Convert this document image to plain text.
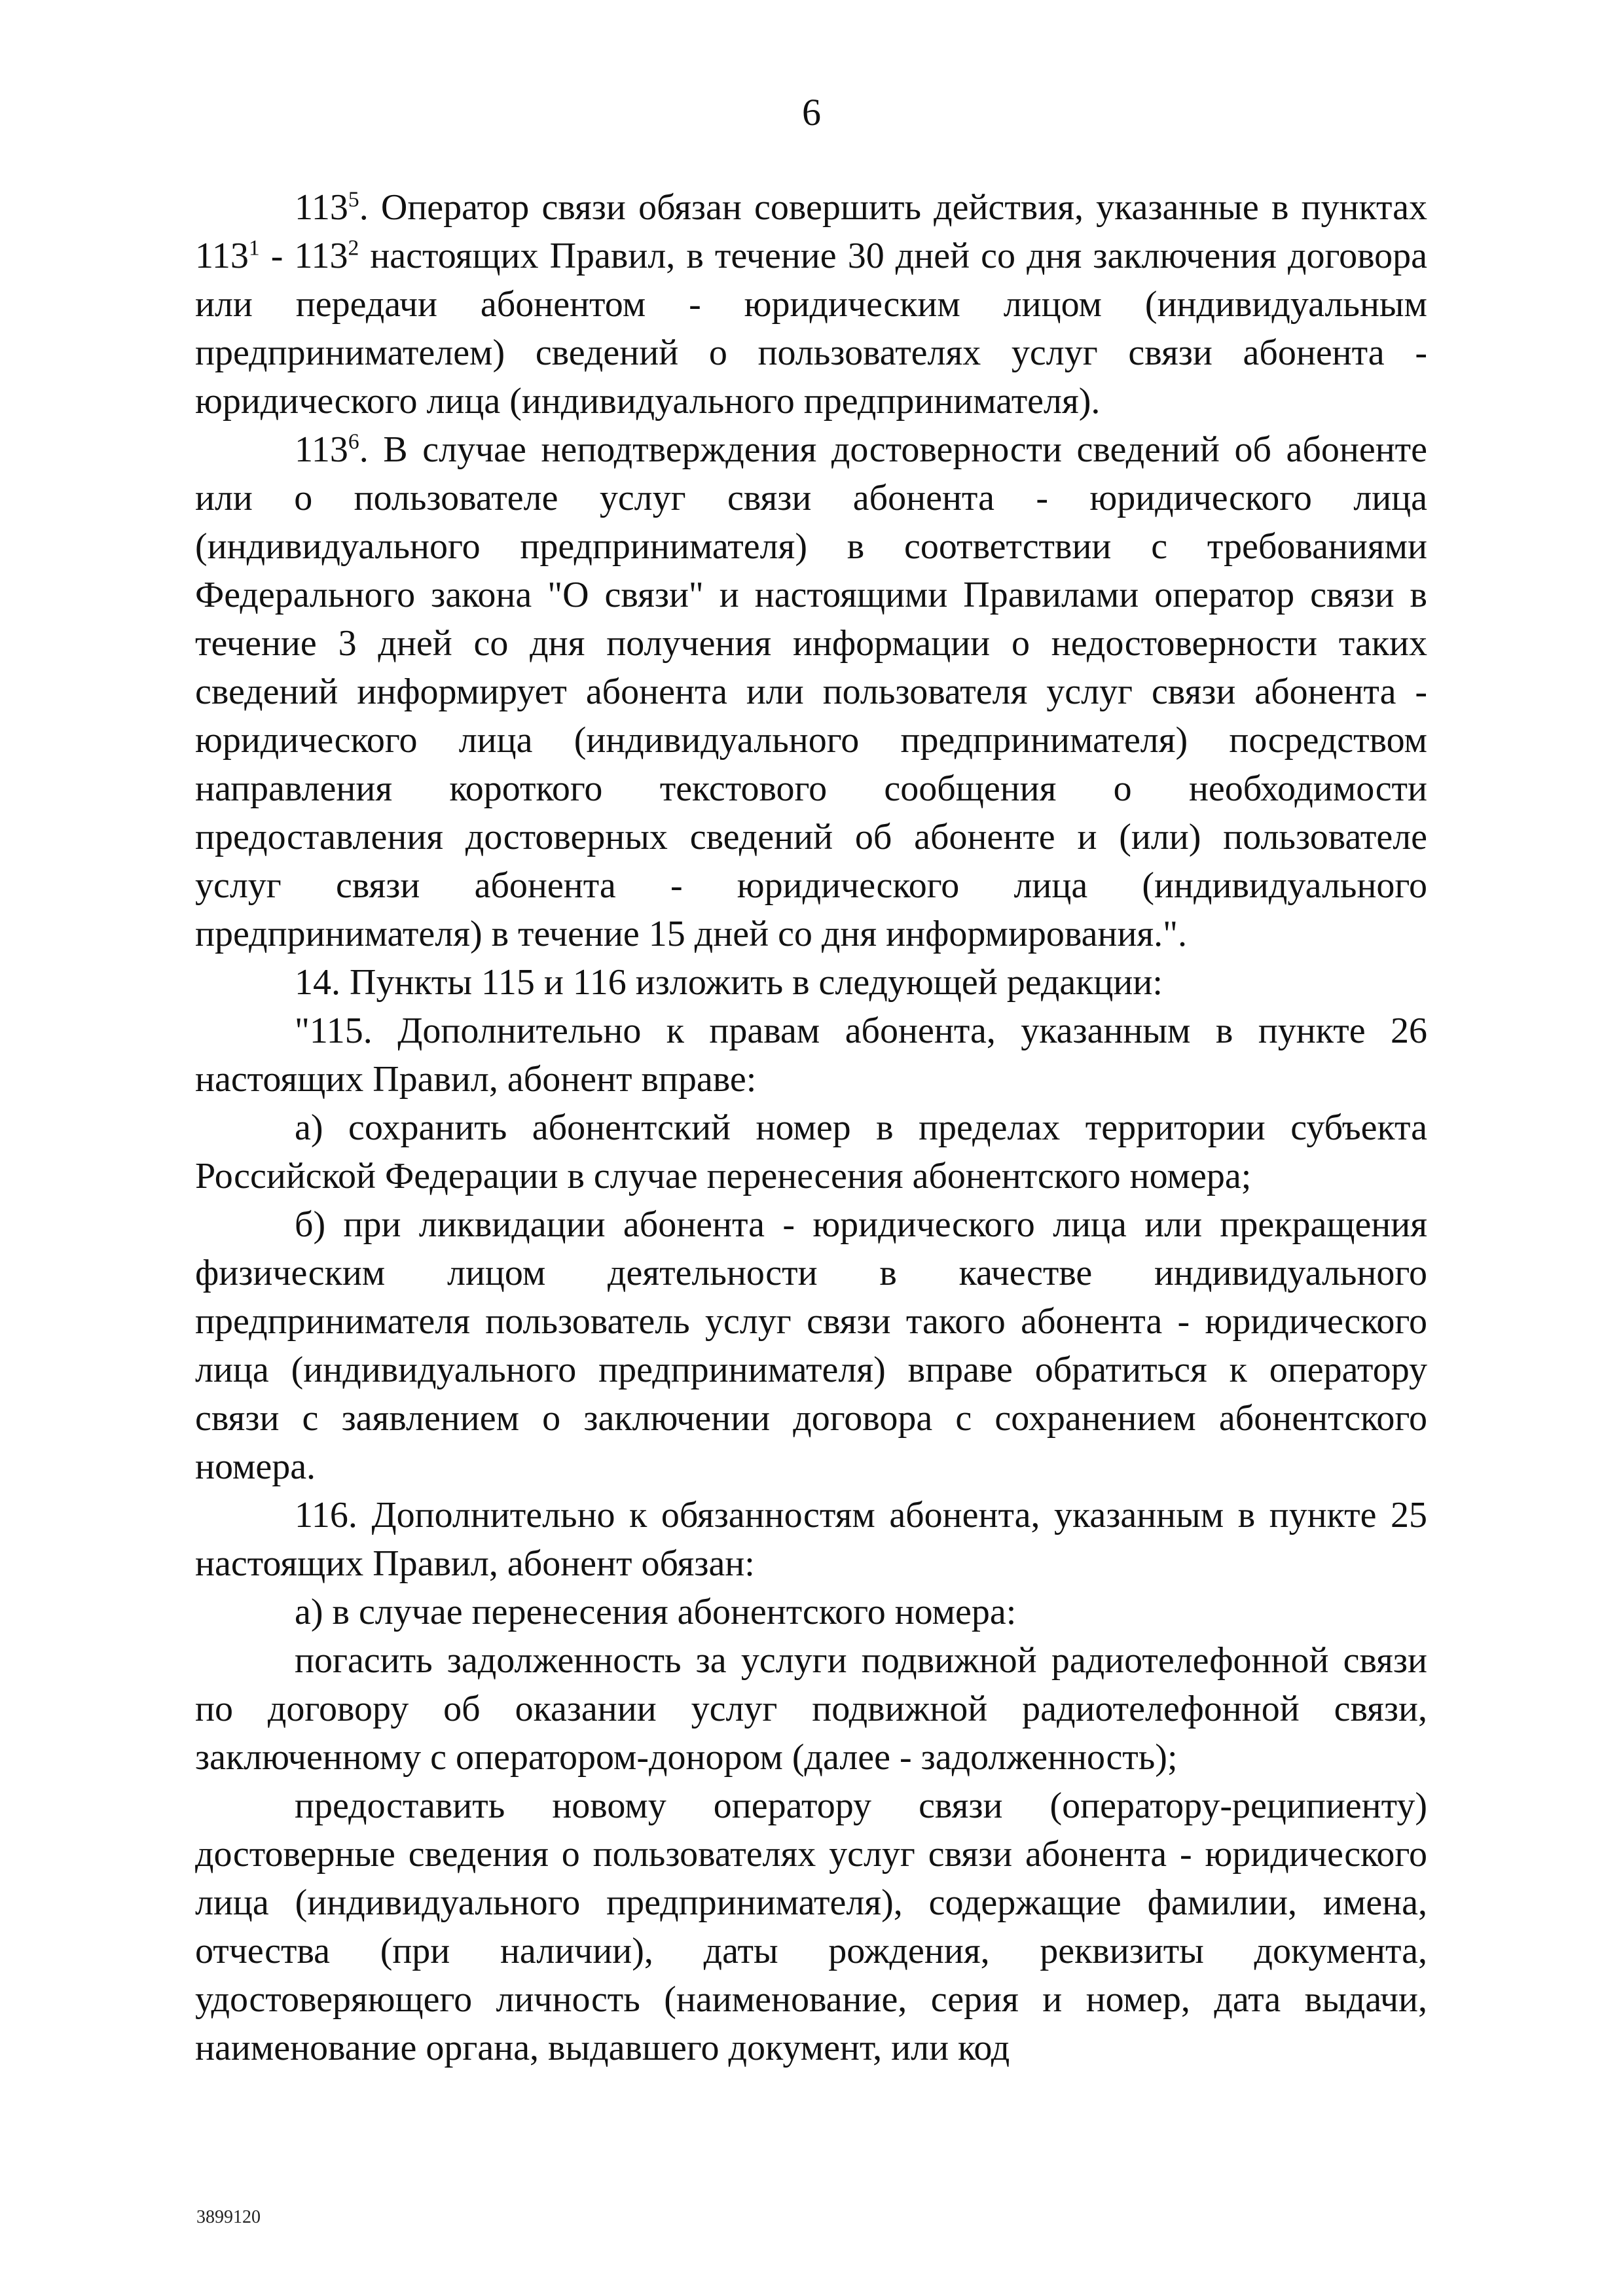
6

$113^5$. Оператор связи обязан совершить действия, указанные в пунктах $113^1 - 113^2$ настоящих Правил, в течение 30 дней со дня заключения договора или передачи абонентом - юридическим лицом (индивидуальным предпринимателем) сведений о пользователях услуг связи абонента - юридического лица (индивидуального предпринимателя).

$113^6$. В случае неподтверждения достоверности сведений об абоненте или о пользователе услуг связи абонента - юридического лица (индивидуального предпринимателя) в соответствии с требованиями Федерального закона "О связи" и настоящими Правилами оператор связи в течение 3 дней со дня получения информации о недостоверности таких сведений информирует абонента или пользователя услуг связи абонента - юридического лица (индивидуального предпринимателя) посредством направления короткого текстового сообщения о необходимости предоставления достоверных сведений об абоненте и (или) пользователе услуг связи абонента - юридического лица (индивидуального предпринимателя) в течение 15 дней со дня информирования.".

14. Пункты 115 и 116 изложить в следующей редакции:

"115. Дополнительно к правам абонента, указанным в пункте 26 настоящих Правил, абонент вправе:

а) сохранить абонентский номер в пределах территории субъекта Российской Федерации в случае перенесения абонентского номера;

б) при ликвидации абонента - юридического лица или прекращения физическим лицом деятельности в качестве индивидуального предпринимателя пользователь услуг связи такого абонента - юридического лица (индивидуального предпринимателя) вправе обратиться к оператору связи с заявлением о заключении договора с сохранением абонентского номера.

116. Дополнительно к обязанностям абонента, указанным в пункте 25 настоящих Правил, абонент обязан:

а) в случае перенесения абонентского номера:

погасить задолженность за услуги подвижной радиотелефонной связи по договору об оказании услуг подвижной радиотелефонной связи, заключенному с оператором-донором (далее - задолженность);

предоставить новому оператору связи (оператору-реципиенту) достоверные сведения о пользователях услуг связи абонента - юридического лица (индивидуального предпринимателя), содержащие фамилии, имена, отчества (при наличии), даты рождения, реквизиты документа, удостоверяющего личность (наименование, серия и номер, дата выдачи, наименование органа, выдавшего документ, или код

3899120
